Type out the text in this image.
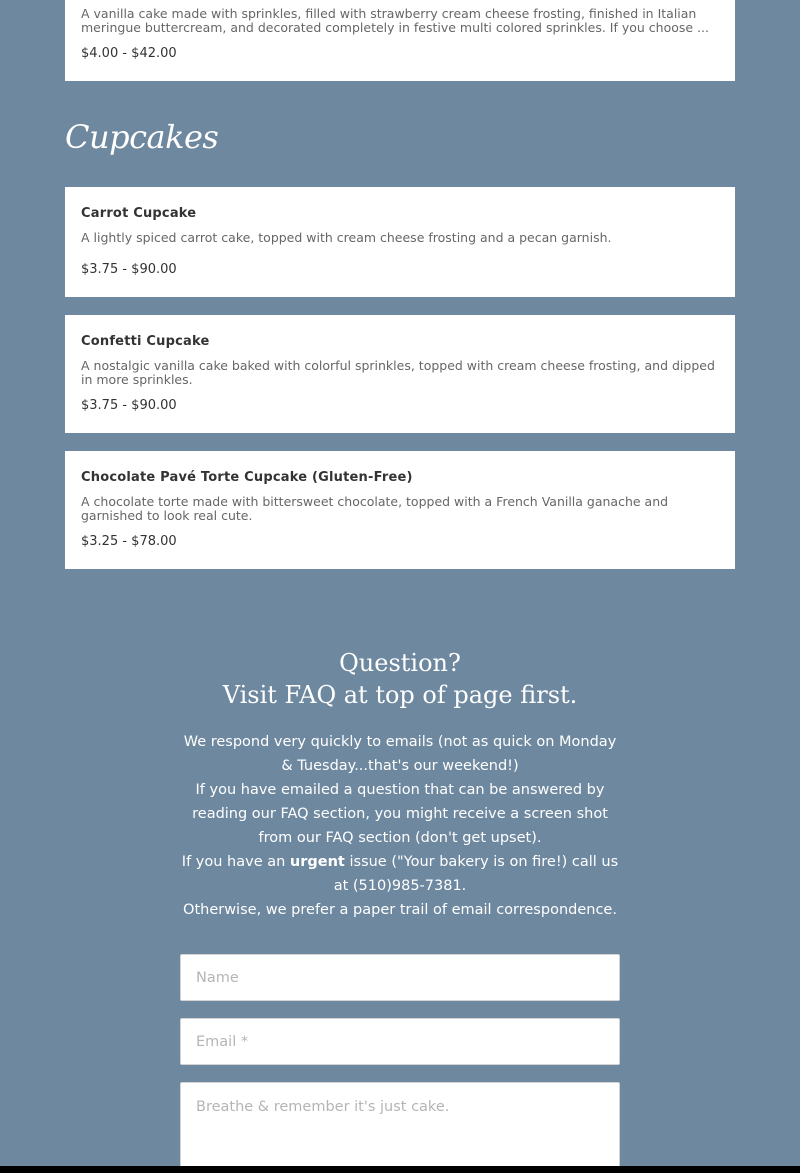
A vanilla cake made with sprinkles, filled with strawberry cream cheese frosting, finished in Italian meringue buttercream, and decorated completely in festive multi colored sprinkles. If you choose ...
$4.00 - $42.00
Cupcakes
Carrot Cupcake
A lightly spiced carrot cake, topped with cream cheese frosting and a pecan garnish.
$3.75 - $90.00
Confetti Cupcake
A nostalgic vanilla cake baked with colorful sprinkles, topped with cream cheese frosting, and dipped in more sprinkles.
$3.75 - $90.00
Chocolate Pavé Torte Cupcake (Gluten-Free)
A chocolate torte made with bittersweet chocolate, topped with a French Vanilla ganache and garnished to look real cute.
$3.25 - $78.00
Question?
Visit FAQ at top of page first.

We respond very quickly to emails (not as quick on Monday & Tuesday...that's our weekend!)

If you have emailed a question that can be answered by reading our FAQ section, you might receive a screen shot from our FAQ section (don't get upset).

If you have an urgent issue ("Your bakery is on fire!) call us at (510)985-7381.

Otherwise, we prefer a paper trail of email correspondence.

Name
Email *
Breathe & remember it's just cake.
